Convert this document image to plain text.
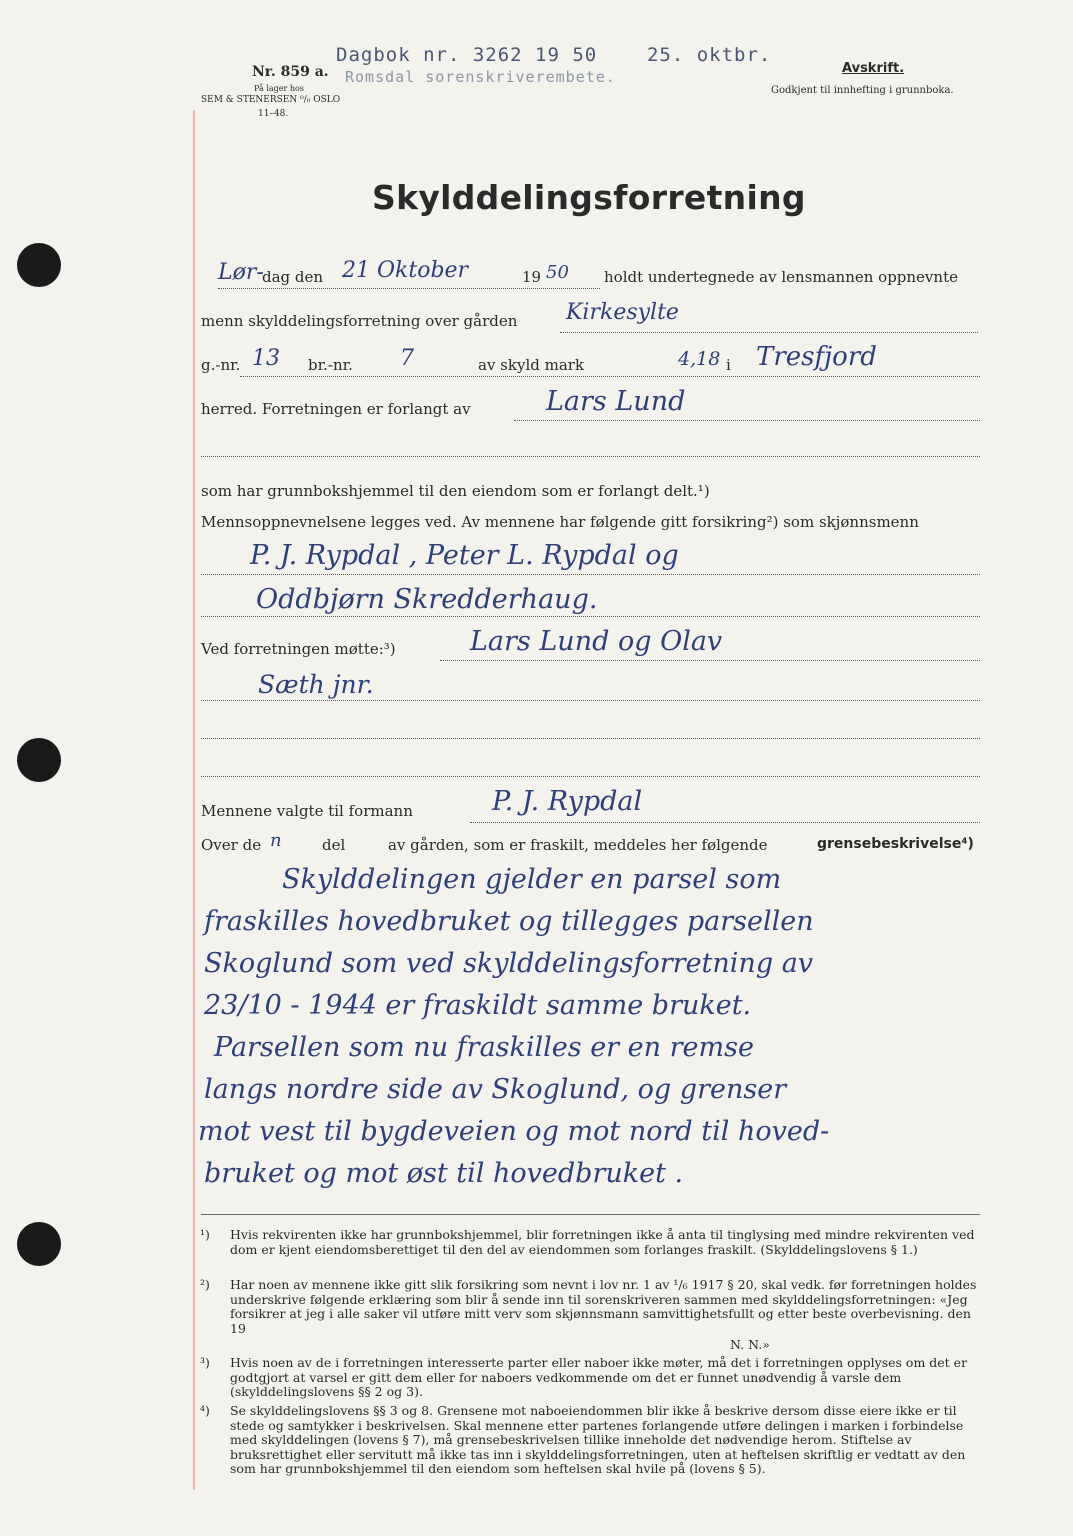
Nr. 859 a.
På lager hos
SEM & STENERSEN ⁰/₀ OSLO
11–48.
Dagbok nr. 3262 19 50    25. oktbr.
Romsdal sorenskriverembete.	Avskrift.
Godkjent til innhefting i grunnboka.
Skylddelingsforretning
Lør-
dag den 21 Oktober	19 50 holdt undertegnede av lensmannen oppnevnte
menn skylddelingsforretning over gården Kirkesylte
g.-nr. 13 br.-nr. 7	av skyld mark	4,18 i Tresfjord
herred. Forretningen er forlangt av	Lars Lund
som har grunnbokshjemmel til den eiendom som er forlangt delt.¹)
Mennsoppnevnelsene legges ved. Av mennene har følgende gitt forsikring²) som skjønnsmenn
P. J. Rypdal , Peter L. Rypdal og
Oddbjørn Skredderhaug.
Ved forretningen møtte:³)	Lars Lund og Olav
Sæth jnr.
Mennene valgte til formann	P. J. Rypdal
Over de n	del	av gården, som er fraskilt, meddeles her følgende	grensebeskrivelse⁴)
Skylddelingen gjelder en parsel som
fraskilles hovedbruket og tillegges parsellen
Skoglund som ved skylddelingsforretning av
23/10 - 1944 er fraskildt samme bruket.
Parsellen som nu fraskilles er en remse
langs nordre side av Skoglund, og grenser
mot vest til bygdeveien og mot nord til hoved-
bruket og mot øst til hovedbruket .
¹) Hvis rekvirenten ikke har grunnbokshjemmel, blir forretningen ikke å anta til tinglysing med mindre rekvirenten ved dom er kjent eiendomsberettiget til den del av eiendommen som forlanges fraskilt. (Skylddelingslovens § 1.)
²) Har noen av mennene ikke gitt slik forsikring som nevnt i lov nr. 1 av ¹/₆ 1917 § 20, skal vedk. før forretningen holdes underskrive følgende erklæring som blir å sende inn til sorenskriveren sammen med skylddelingsforretningen: «Jeg forsikrer at jeg i alle saker vil utføre mitt verv som skjønnsmann samvittighetsfullt og etter beste overbevisning. den 19
N. N.»
³) Hvis noen av de i forretningen interesserte parter eller naboer ikke møter, må det i forretningen opplyses om det er godtgjort at varsel er gitt dem eller for naboers vedkommende om det er funnet unødvendig å varsle dem (skylddelingslovens §§ 2 og 3).
⁴) Se skylddelingslovens §§ 3 og 8. Grensene mot naboeiendommen blir ikke å beskrive dersom disse eiere ikke er til stede og samtykker i beskrivelsen. Skal mennene etter partenes forlangende utføre delingen i marken i forbindelse med skylddelingen (lovens § 7), må grensebeskrivelsen tillike inneholde det nødvendige herom. Stiftelse av bruksrettighet eller servitutt må ikke tas inn i skylddelingsforretningen, uten at heftelsen skriftlig er vedtatt av den som har grunnbokshjemmel til den eiendom som heftelsen skal hvile på (lovens § 5).
